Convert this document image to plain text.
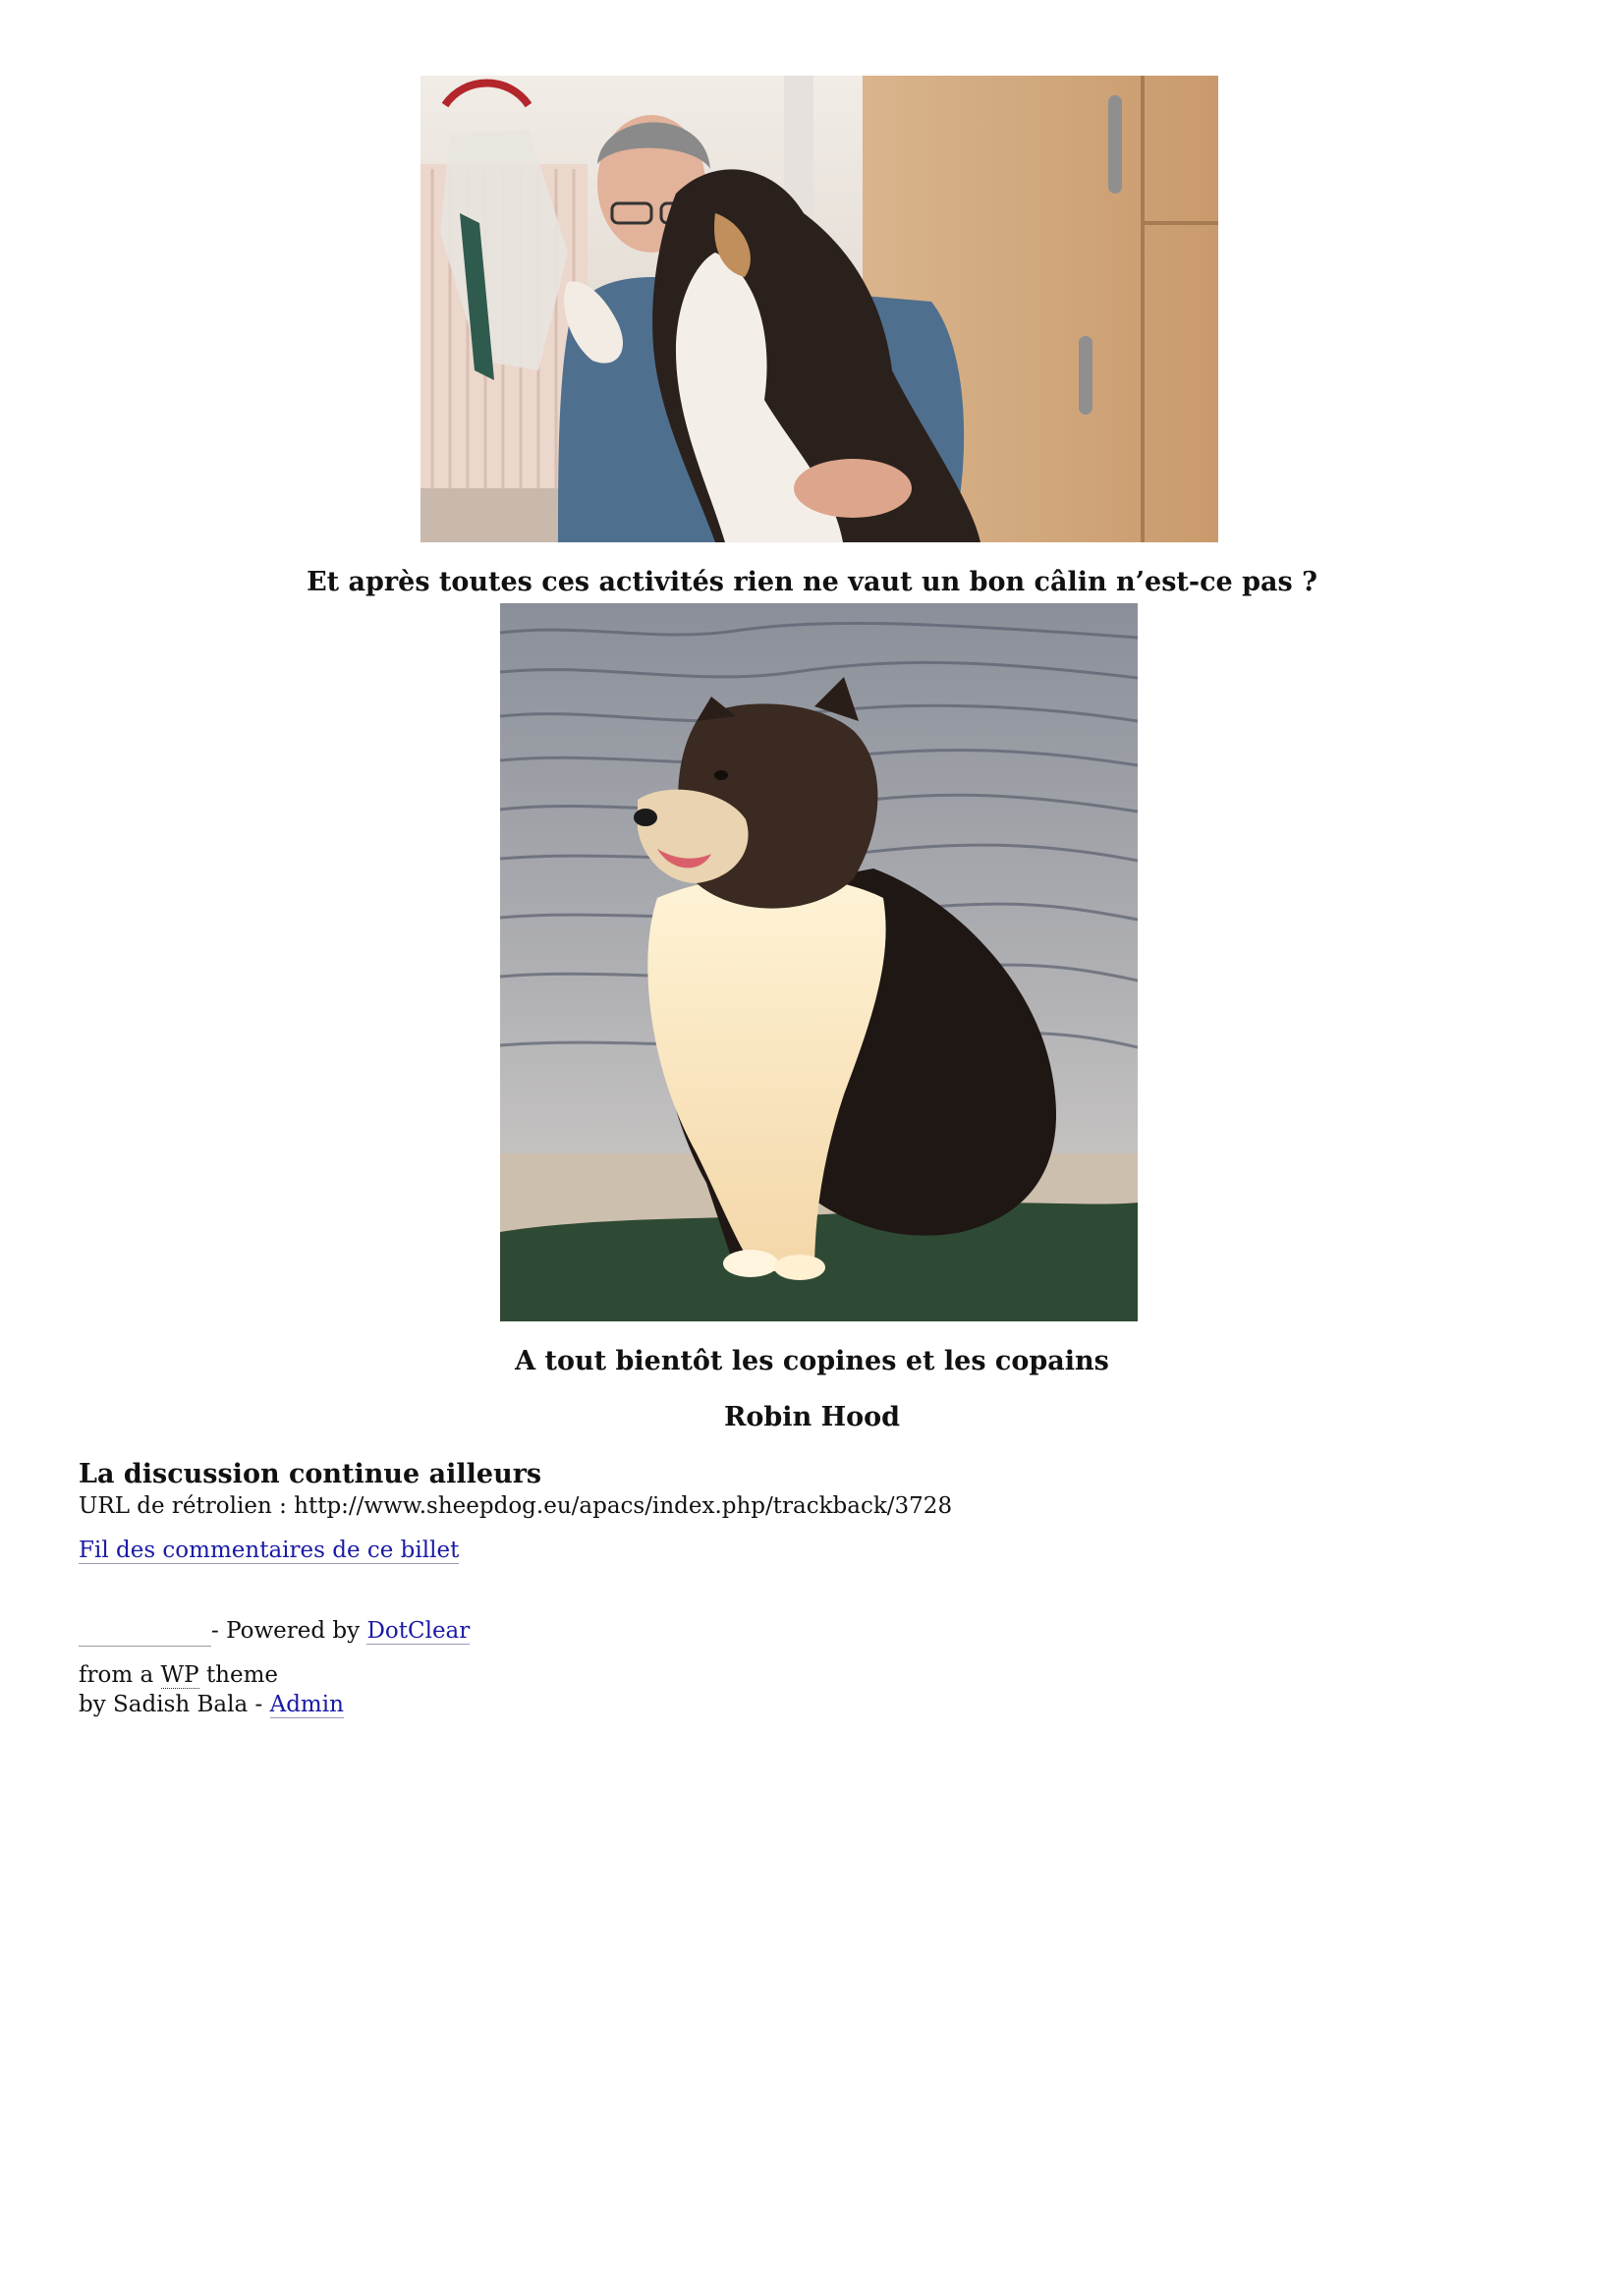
Et après toutes ces activités rien ne vaut un bon câlin n’est-ce pas ?
A tout bientôt les copines et les copains
Robin Hood
La discussion continue ailleurs
URL de rétrolien : http://www.sheepdog.eu/apacs/index.php/trackback/3728
Fil des commentaires de ce billet
- Powered by DotClear
from a WP theme
by Sadish Bala - Admin
